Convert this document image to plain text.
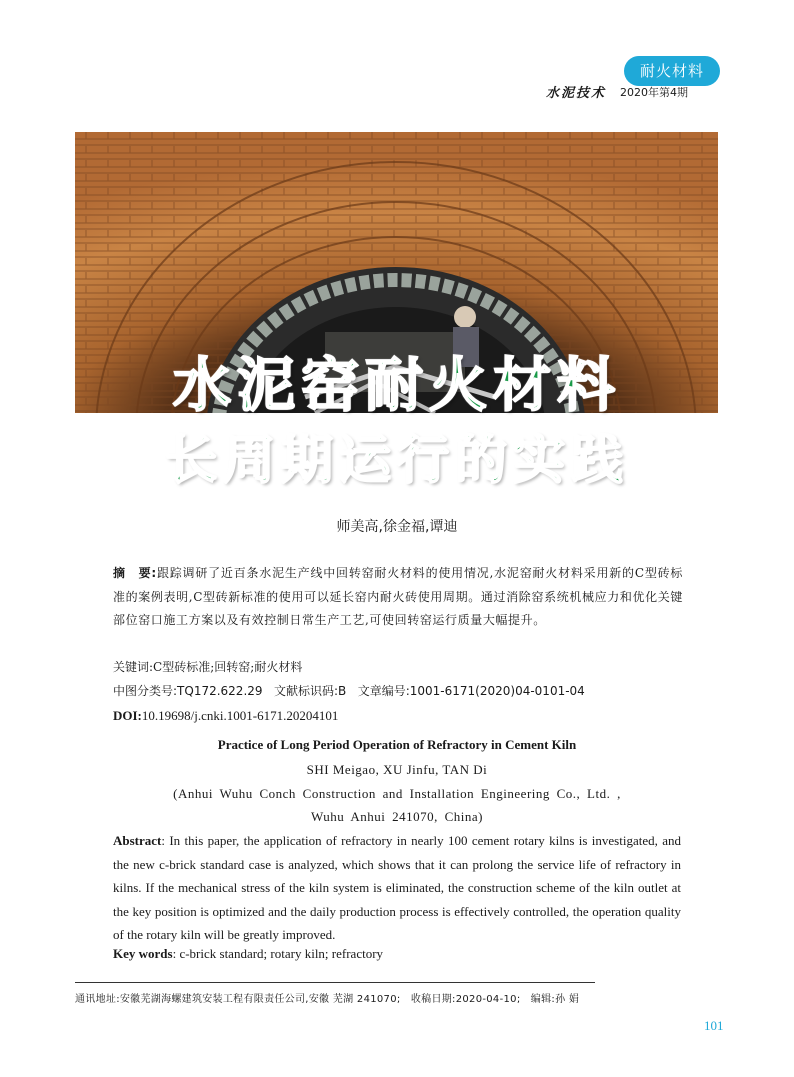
耐火材料
水泥技术 2020年第4期
水泥窑耐火材料
长周期运行的实践
师美高,徐金福,谭迪
摘　要:跟踪调研了近百条水泥生产线中回转窑耐火材料的使用情况,水泥窑耐火材料采用新的C型砖标准的案例表明,C型砖新标准的使用可以延长窑内耐火砖使用周期。通过消除窑系统机械应力和优化关键部位窑口施工方案以及有效控制日常生产工艺,可使回转窑运行质量大幅提升。
关键词:C型砖标准;回转窑;耐火材料
中图分类号:TQ172.622.29 文献标识码:B 文章编号:1001-6171(2020)04-0101-04
DOI:10.19698/j.cnki.1001-6171.20204101
Practice of Long Period Operation of Refractory in Cement Kiln
SHI Meigao, XU Jinfu, TAN Di
(Anhui Wuhu Conch Construction and Installation Engineering Co., Ltd. ,
Wuhu Anhui 241070, China)
Abstract: In this paper, the application of refractory in nearly 100 cement rotary kilns is investigated, and the new c-brick standard case is analyzed, which shows that it can prolong the service life of refractory in kilns. If the mechanical stress of the kiln system is eliminated, the construction scheme of the kiln outlet at the key position is optimized and the daily production process is effectively controlled, the operation quality of the rotary kiln will be greatly improved.
Key words: c-brick standard; rotary kiln; refractory
通讯地址:安徽芜湖海螺建筑安装工程有限责任公司,安徽 芜湖 241070;　收稿日期:2020-04-10;　编辑:孙 娟
101
